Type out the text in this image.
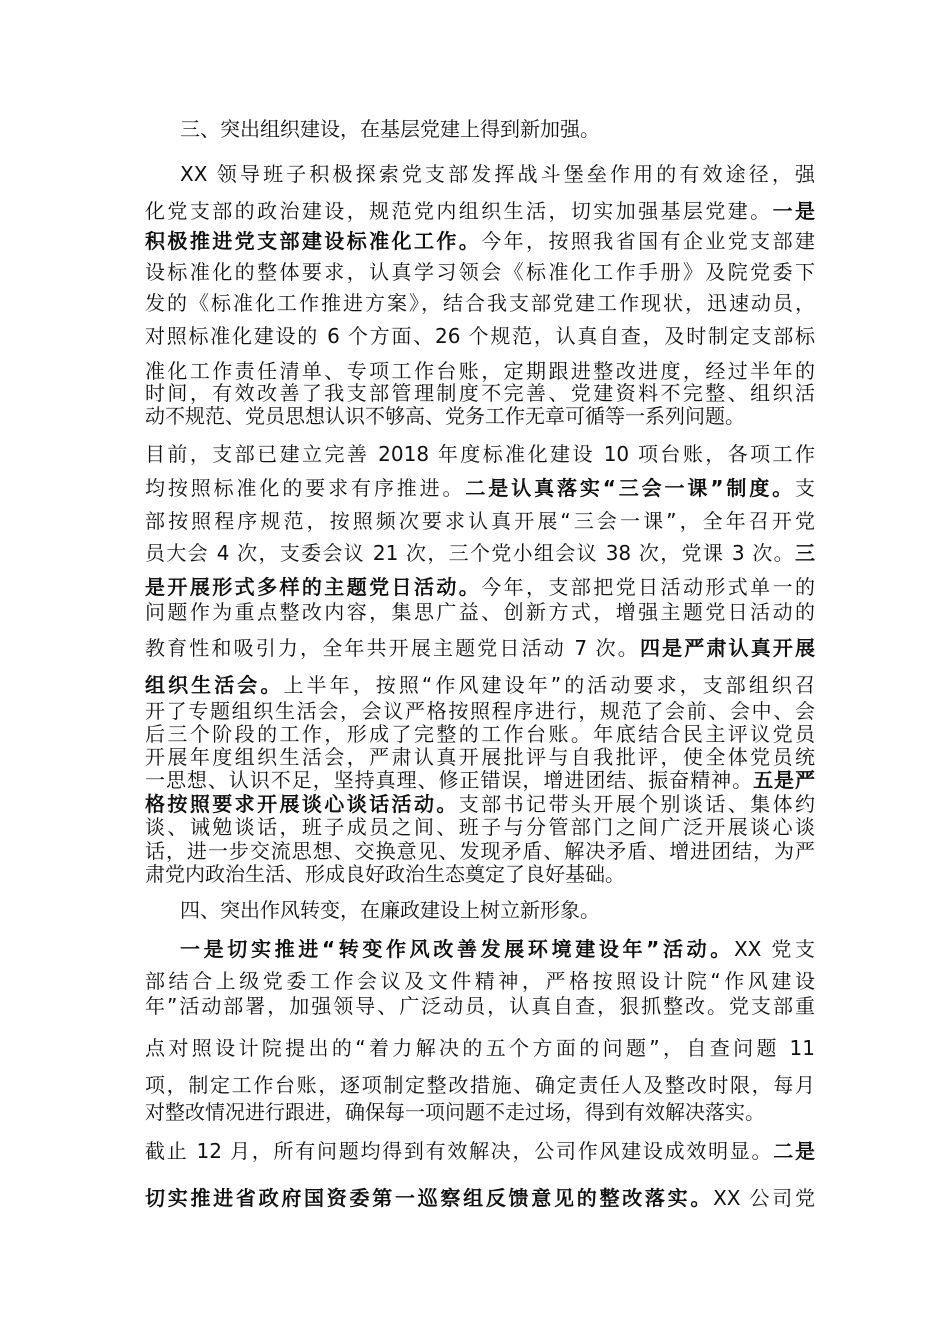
三、突出组织建设，在基层党建上得到新加强。
XX 领导班子积极探索党支部发挥战斗堡垒作用的有效途径，强
化党支部的政治建设，规范党内组织生活，切实加强基层党建。一是
积极推进党支部建设标准化工作。今年，按照我省国有企业党支部建
设标准化的整体要求，认真学习领会《标准化工作手册》及院党委下
发的《标准化工作推进方案》，结合我支部党建工作现状，迅速动员，
对照标准化建设的 6 个方面、26 个规范，认真自查，及时制定支部标
准化工作责任清单、专项工作台账，定期跟进整改进度，经过半年的
时间，有效改善了我支部管理制度不完善、党建资料不完整、组织活
动不规范、党员思想认识不够高、党务工作无章可循等一系列问题。
目前，支部已建立完善 2018 年度标准化建设 10 项台账，各项工作
均按照标准化的要求有序推进。二是认真落实“三会一课”制度。支
部按照程序规范，按照频次要求认真开展“三会一课”，全年召开党
员大会 4 次，支委会议 21 次，三个党小组会议 38 次，党课 3 次。三
是开展形式多样的主题党日活动。今年，支部把党日活动形式单一的
问题作为重点整改内容，集思广益、创新方式，增强主题党日活动的
教育性和吸引力，全年共开展主题党日活动 7 次。四是严肃认真开展
组织生活会。上半年，按照“作风建设年”的活动要求，支部组织召
开了专题组织生活会，会议严格按照程序进行，规范了会前、会中、会
后三个阶段的工作，形成了完整的工作台账。年底结合民主评议党员
开展年度组织生活会，严肃认真开展批评与自我批评，使全体党员统
一思想、认识不足，坚持真理、修正错误，增进团结、振奋精神。五是严
格按照要求开展谈心谈话活动。支部书记带头开展个别谈话、集体约
谈、诫勉谈话，班子成员之间、班子与分管部门之间广泛开展谈心谈
话，进一步交流思想、交换意见、发现矛盾、解决矛盾、增进团结，为严
肃党内政治生活、形成良好政治生态奠定了良好基础。
四、突出作风转变，在廉政建设上树立新形象。
一是切实推进“转变作风改善发展环境建设年”活动。XX 党支
部结合上级党委工作会议及文件精神，严格按照设计院“作风建设
年”活动部署，加强领导、广泛动员，认真自查，狠抓整改。党支部重
点对照设计院提出的“着力解决的五个方面的问题”，自查问题 11
项，制定工作台账，逐项制定整改措施、确定责任人及整改时限，每月
对整改情况进行跟进，确保每一项问题不走过场，得到有效解决落实。
截止 12 月，所有问题均得到有效解决，公司作风建设成效明显。二是
切实推进省政府国资委第一巡察组反馈意见的整改落实。XX 公司党
